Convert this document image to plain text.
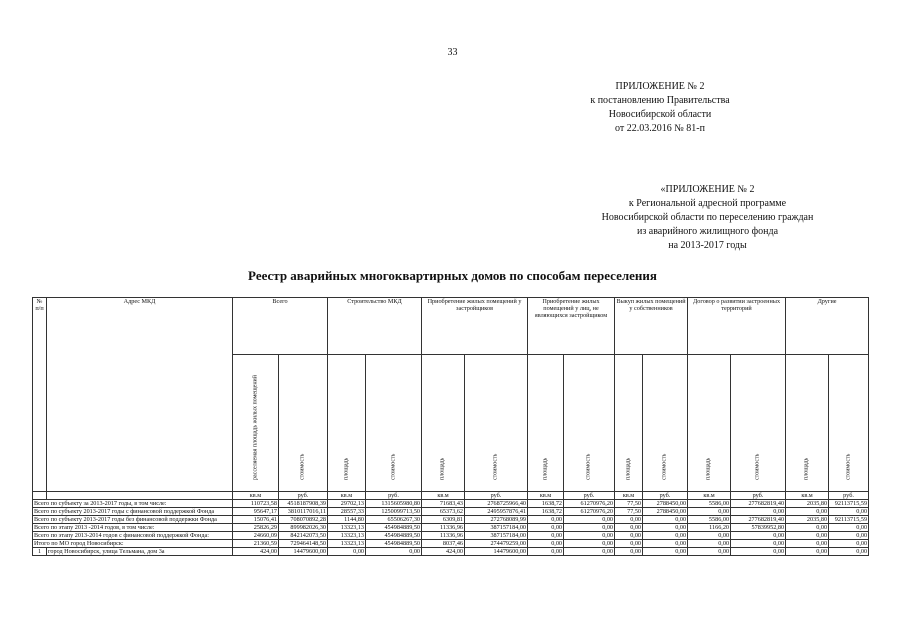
33
ПРИЛОЖЕНИЕ № 2
к постановлению Правительства
Новосибирской области
от 22.03.2016 № 81-п
«ПРИЛОЖЕНИЕ № 2
к Региональной адресной программе
Новосибирской области по переселению граждан
из аварийного жилищного фонда
на 2013-2017 годы
Реестр аварийных многоквартирных домов по способам переселения
№ п/п	Адрес МКД	Всего		Строительство МКД		Приобретение жилых помещений у застройщиков		Приобретение жилых помещений у лиц, не являющихся застройщиком		Выкуп жилых помещений у собственников		Договор о развитии застроенных территорий		Другие	

		расселяемая площадь жилых помещений	стоимость	площадь	стоимость	площадь	стоимость	площадь	стоимость	площадь	стоимость	площадь	стоимость	площадь	стоимость

		кв.м	руб.	кв.м	руб.	кв.м	руб.	кв.м	руб.	кв.м	руб.	кв.м	руб.	кв.м	руб.
Всего по субъекту за 2013-2017 годы, в том числе:		110723,58	4518187908,39	29702,13	1315605980,80	71683,43	2768725966,40	1638,72	61270976,20	77,50	2788450,00	5586,00	277682819,40	2035,80	92113715,59
Всего по субъекту 2013-2017 годы с финансовой поддержкой Фонда		95647,17	3810117016,11	28557,33	1250099713,50	65373,62	2495957876,41	1638,72	61270976,20	77,50	2788450,00	0,00	0,00	0,00	0,00
Всего по субъекту 2013-2017 годы без финансовой поддержки Фонда		15076,41	708070892,28	1144,80	65506267,30	6309,81	272768089,99	0,00	0,00	0,00	0,00	5586,00	277682819,40	2035,80	92113715,59
Всего по этапу 2013 -2014 годов, в том числе:		25826,29	899982026,30	13323,13	454984889,50	11336,96	387157184,00	0,00	0,00	0,00	0,00	1166,20	57839952,80	0,00	0,00
Всего по этапу 2013-2014 годов с финансовой поддержкой Фонда:		24660,09	842142073,50	13323,13	454984889,50	11336,96	387157184,00	0,00	0,00	0,00	0,00	0,00	0,00	0,00	0,00
Итого по МО город Новосибирск:		21360,59	729464148,50	13323,13	454984889,50	8037,46	274479259,00	0,00	0,00	0,00	0,00	0,00	0,00	0,00	0,00
1	город Новосибирск, улица Тельмана, дом 3а	424,00	14479600,00	0,00	0,00	424,00	14479600,00	0,00	0,00	0,00	0,00	0,00	0,00	0,00	0,00
